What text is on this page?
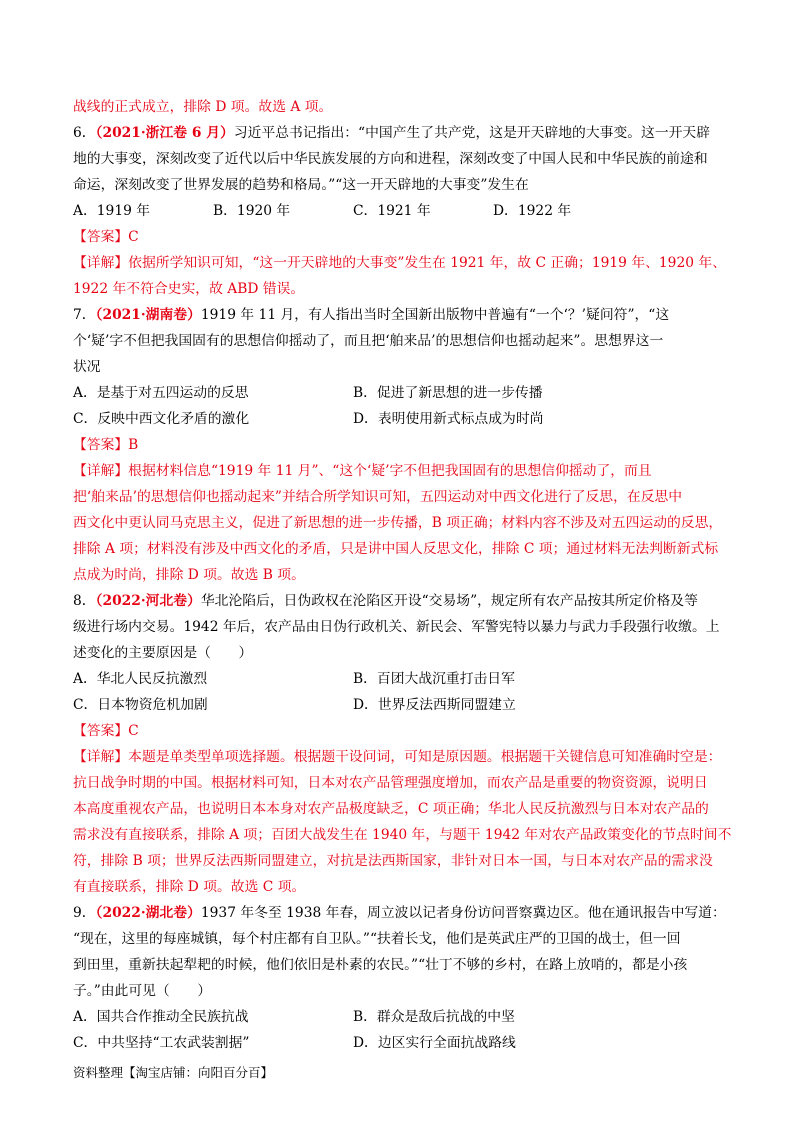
战线的正式成立，排除 D 项。故选 A 项。
6．（2021·浙江卷 6 月）习近平总书记指出：“中国产生了共产党，这是开天辟地的大事变。这一开天辟
地的大事变，深刻改变了近代以后中华民族发展的方向和进程，深刻改变了中国人民和中华民族的前途和
命运，深刻改变了世界发展的趋势和格局。”“这一开天辟地的大事变”发生在
A．1919 年	B．1920 年	C．1921 年	D．1922 年
【答案】C
【详解】依据所学知识可知，“这一开天辟地的大事变”发生在 1921 年，故 C 正确；1919 年、1920 年、
1922 年不符合史实，故 ABD 错误。
7．（2021·湖南卷）1919 年 11 月，有人指出当时全国新出版物中普遍有“一个‘？’疑问符”，“这
个‘疑’字不但把我国固有的思想信仰摇动了，而且把‘舶来品’的思想信仰也摇动起来”。思想界这一
状况
A．是基于对五四运动的反思	B．促进了新思想的进一步传播
C．反映中西文化矛盾的激化	D．表明使用新式标点成为时尚
【答案】B
【详解】根据材料信息“1919 年 11 月”、“这个‘疑’字不但把我国固有的思想信仰摇动了，而且
把‘舶来品’的思想信仰也摇动起来”并结合所学知识可知，五四运动对中西文化进行了反思，在反思中
西文化中更认同马克思主义，促进了新思想的进一步传播，B 项正确；材料内容不涉及对五四运动的反思，
排除 A 项；材料没有涉及中西文化的矛盾，只是讲中国人反思文化，排除 C 项；通过材料无法判断新式标
点成为时尚，排除 D 项。故选 B 项。
8．（2022·河北卷）华北沦陷后，日伪政权在沦陷区开设“交易场”，规定所有农产品按其所定价格及等
级进行场内交易。1942 年后，农产品由日伪行政机关、新民会、军警宪特以暴力与武力手段强行收缴。上
述变化的主要原因是（　　）
A．华北人民反抗激烈	B．百团大战沉重打击日军
C．日本物资危机加剧	D．世界反法西斯同盟建立
【答案】C
【详解】本题是单类型单项选择题。根据题干设问词，可知是原因题。根据题干关键信息可知准确时空是：
抗日战争时期的中国。根据材料可知，日本对农产品管理强度增加，而农产品是重要的物资资源，说明日
本高度重视农产品，也说明日本本身对农产品极度缺乏，C 项正确；华北人民反抗激烈与日本对农产品的
需求没有直接联系，排除 A 项；百团大战发生在 1940 年，与题干 1942 年对农产品政策变化的节点时间不
符，排除 B 项；世界反法西斯同盟建立，对抗是法西斯国家，非针对日本一国，与日本对农产品的需求没
有直接联系，排除 D 项。故选 C 项。
9．（2022·湖北卷）1937 年冬至 1938 年春，周立波以记者身份访问晋察冀边区。他在通讯报告中写道：
“现在，这里的每座城镇，每个村庄都有自卫队。”“扶着长戈，他们是英武庄严的卫国的战士，但一回
到田里，重新扶起犁耙的时候，他们依旧是朴素的农民。”“壮丁不够的乡村，在路上放哨的，都是小孩
子。”由此可见（　　）
A．国共合作推动全民族抗战	B．群众是敌后抗战的中坚
C．中共坚持“工农武装割据”	D．边区实行全面抗战路线
资料整理【淘宝店铺：向阳百分百】
